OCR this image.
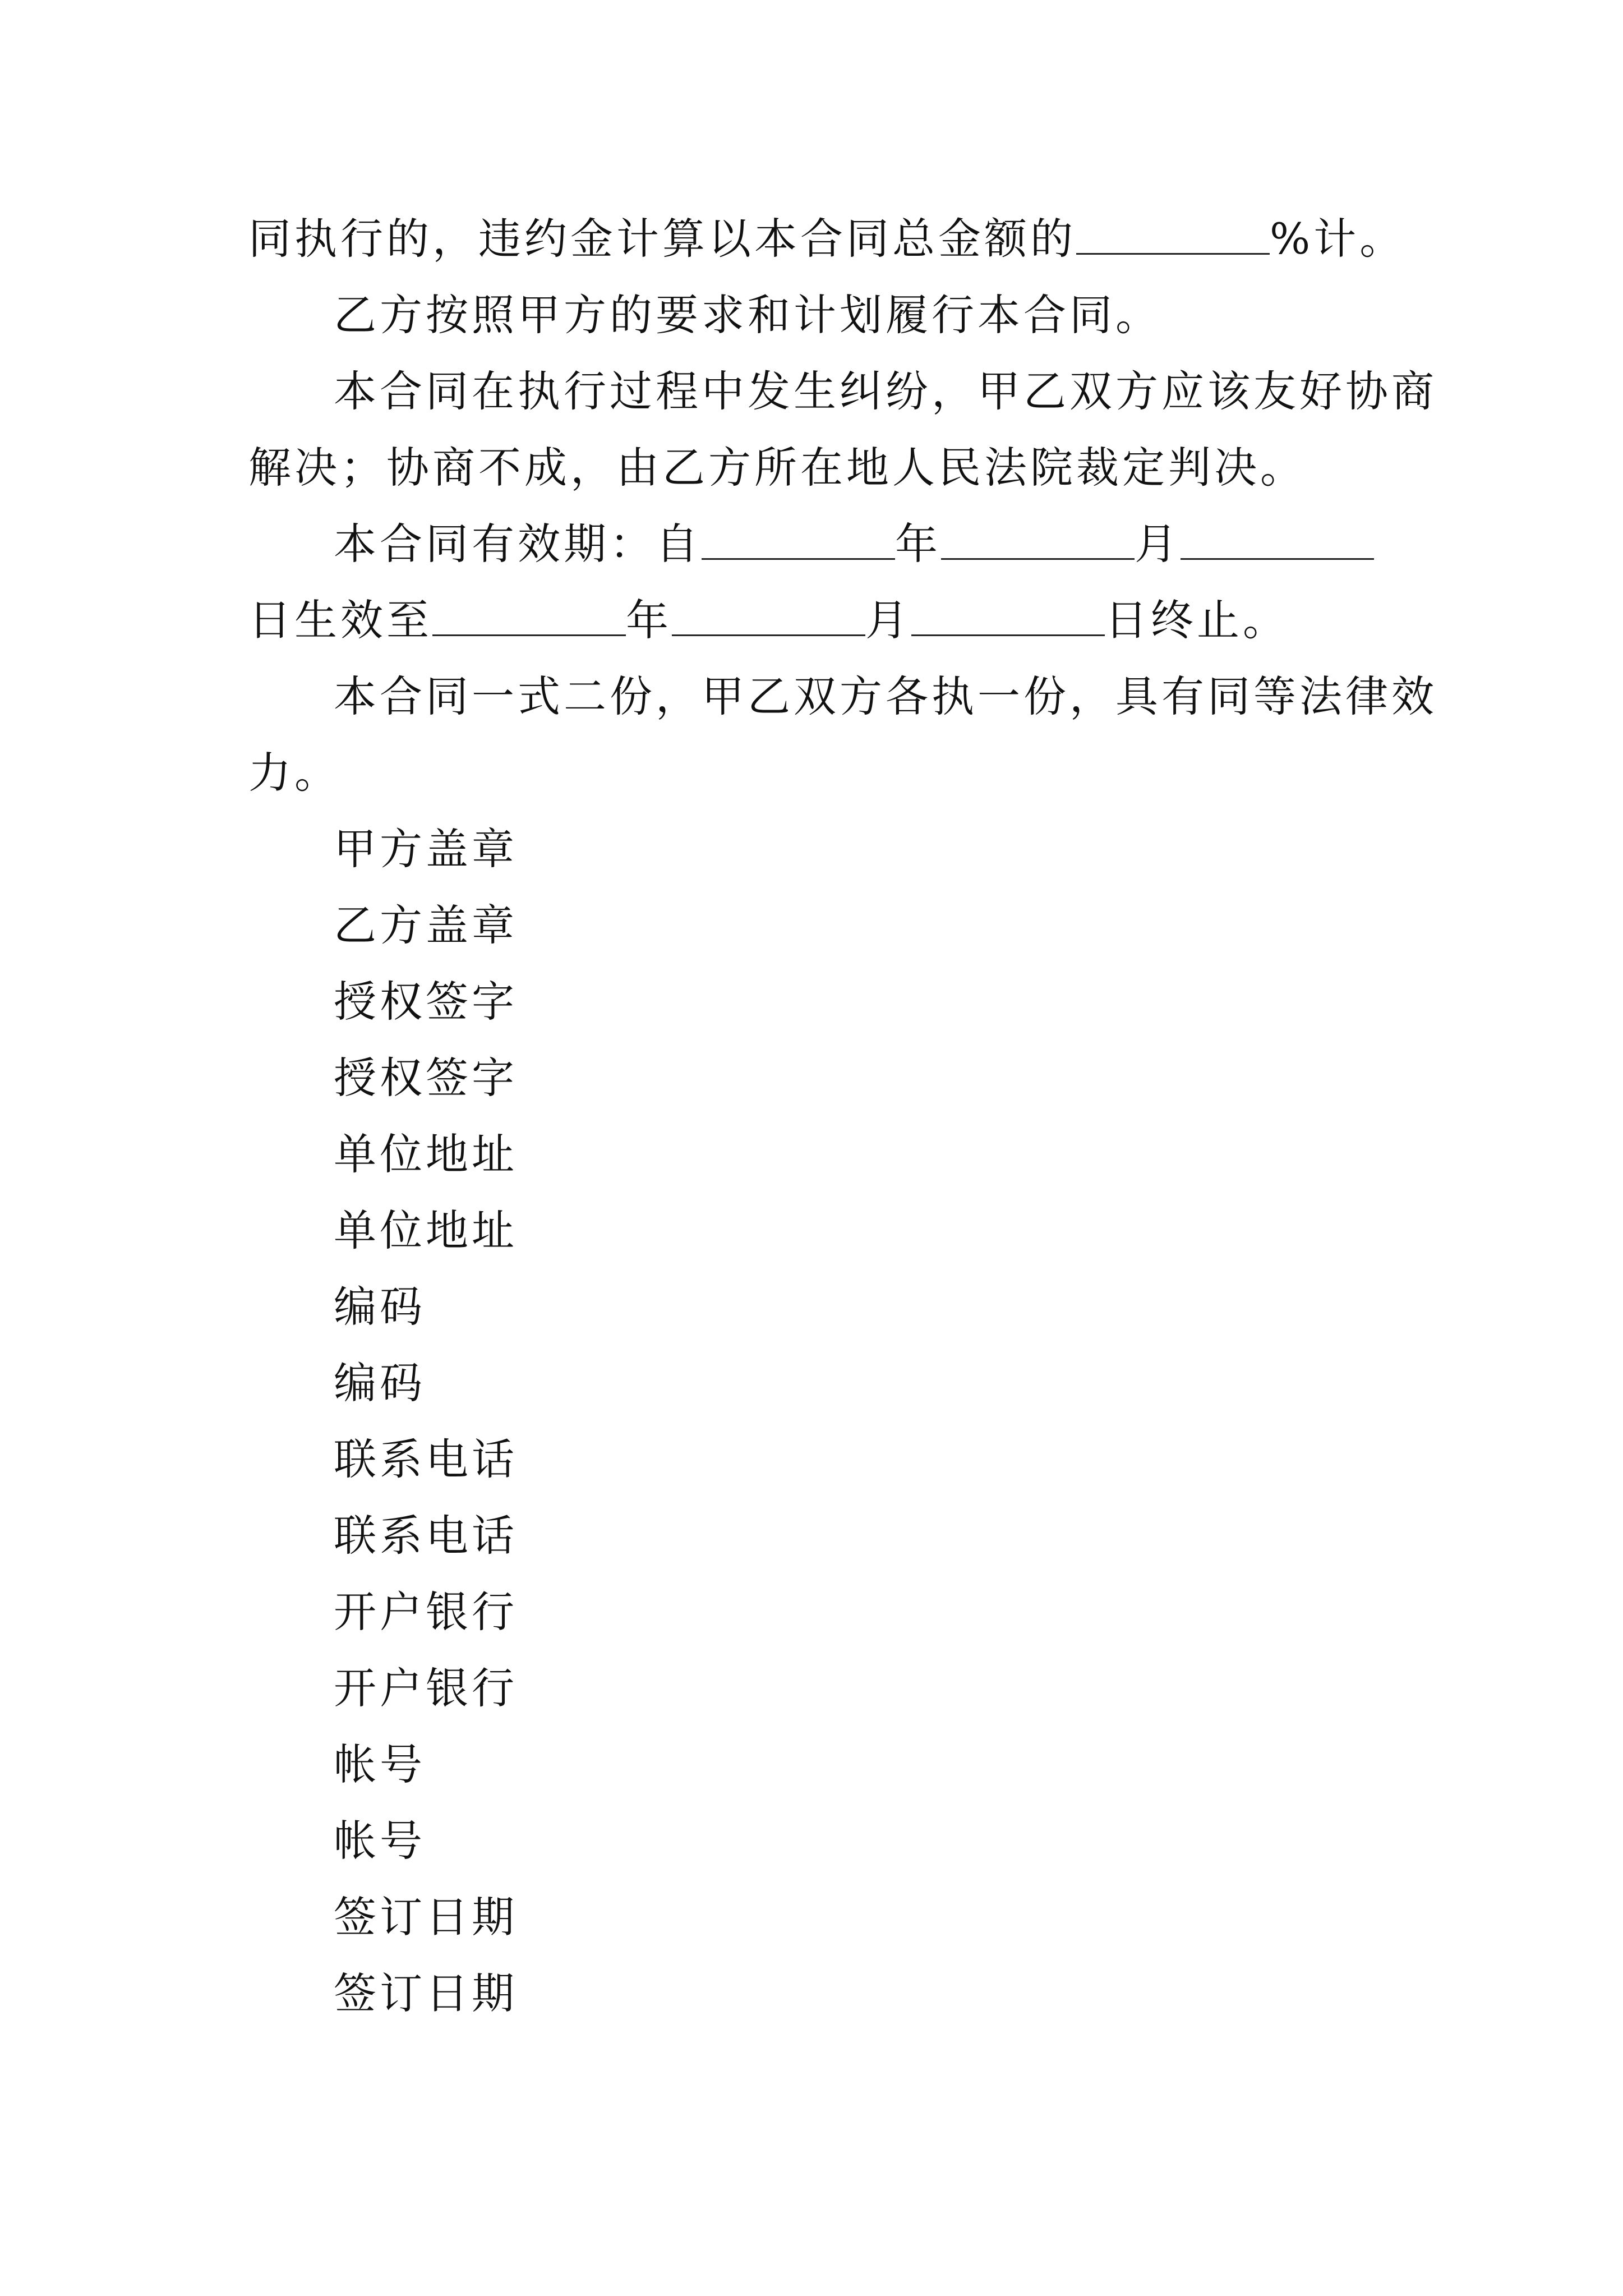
同执行的，违约金计算以本合同总金额的	%计。
乙方按照甲方的要求和计划履行本合同。
本合同在执行过程中发生纠纷，甲乙双方应该友好协商
解决；协商不成，由乙方所在地人民法院裁定判决。
本合同有效期：自	年	月
日生效至	年	月	日终止。
本合同一式二份，甲乙双方各执一份，具有同等法律效
力。
甲方盖章
乙方盖章
授权签字
授权签字
单位地址
单位地址
编码
编码
联系电话
联系电话
开户银行
开户银行
帐号
帐号
签订日期
签订日期
